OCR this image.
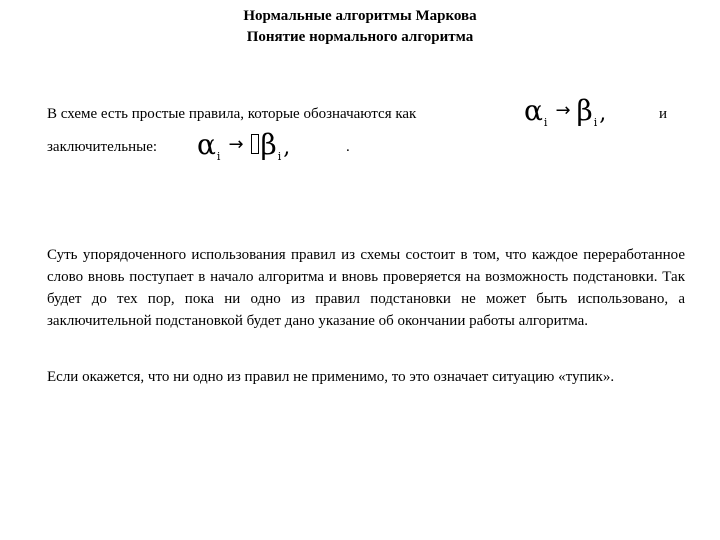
Нормальные алгоритмы Маркова
Понятие нормального алгоритма
В схеме есть простые правила, которые обозначаются как	$\alpha_i\to \beta_i$,	и
заключительные: $\alpha_i\to \beta_i$,	.
Суть упорядоченного использования правил из схемы состоит в том, что каждое переработанное слово вновь поступает в начало алгоритма и вновь проверяется на возможность подстановки. Так будет до тех пор, пока ни одно из правил подстановки не может быть использовано, а заключительной подстановкой будет дано указание об окончании работы алгоритма.
Если окажется, что ни одно из правил не применимо, то это означает ситуацию «тупик».
